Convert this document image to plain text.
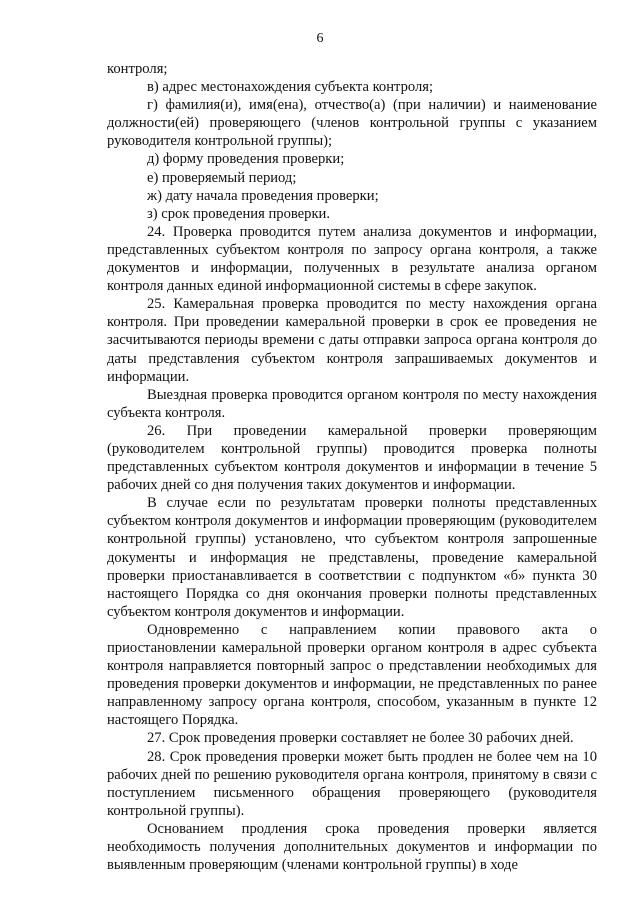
6

контроля;

в) адрес местонахождения субъекта контроля;

г) фамилия(и), имя(ена), отчество(а) (при наличии) и наименование должности(ей) проверяющего (членов контрольной группы с указанием руководителя контрольной группы);

д) форму проведения проверки;

е) проверяемый период;

ж) дату начала проведения проверки;

з) срок проведения проверки.

24. Проверка проводится путем анализа документов и информации, представленных субъектом контроля по запросу органа контроля, а также документов и информации, полученных в результате анализа органом контроля данных единой информационной системы в сфере закупок.

25. Камеральная проверка проводится по месту нахождения органа контроля. При проведении камеральной проверки в срок ее проведения не засчитываются периоды времени с даты отправки запроса органа контроля до даты представления субъектом контроля запрашиваемых документов и информации.

Выездная проверка проводится органом контроля по месту нахождения субъекта контроля.

26. При проведении камеральной проверки проверяющим (руководителем контрольной группы) проводится проверка полноты представленных субъектом контроля документов и информации в течение 5 рабочих дней со дня получения таких документов и информации.

В случае если по результатам проверки полноты представленных субъектом контроля документов и информации проверяющим (руководителем контрольной группы) установлено, что субъектом контроля запрошенные документы и информация не представлены, проведение камеральной проверки приостанавливается в соответствии с подпунктом «б» пункта 30 настоящего Порядка со дня окончания проверки полноты представленных субъектом контроля документов и информации.

Одновременно с направлением копии правового акта о приостановлении камеральной проверки органом контроля в адрес субъекта контроля направляется повторный запрос о представлении необходимых для проведения проверки документов и информации, не представленных по ранее направленному запросу органа контроля, способом, указанным в пункте 12 настоящего Порядка.

27. Срок проведения проверки составляет не более 30 рабочих дней.

28. Срок проведения проверки может быть продлен не более чем на 10 рабочих дней по решению руководителя органа контроля, принятому в связи с поступлением письменного обращения проверяющего (руководителя контрольной группы).

Основанием продления срока проведения проверки является необходимость получения дополнительных документов и информации по выявленным проверяющим (членами контрольной группы) в ходе
